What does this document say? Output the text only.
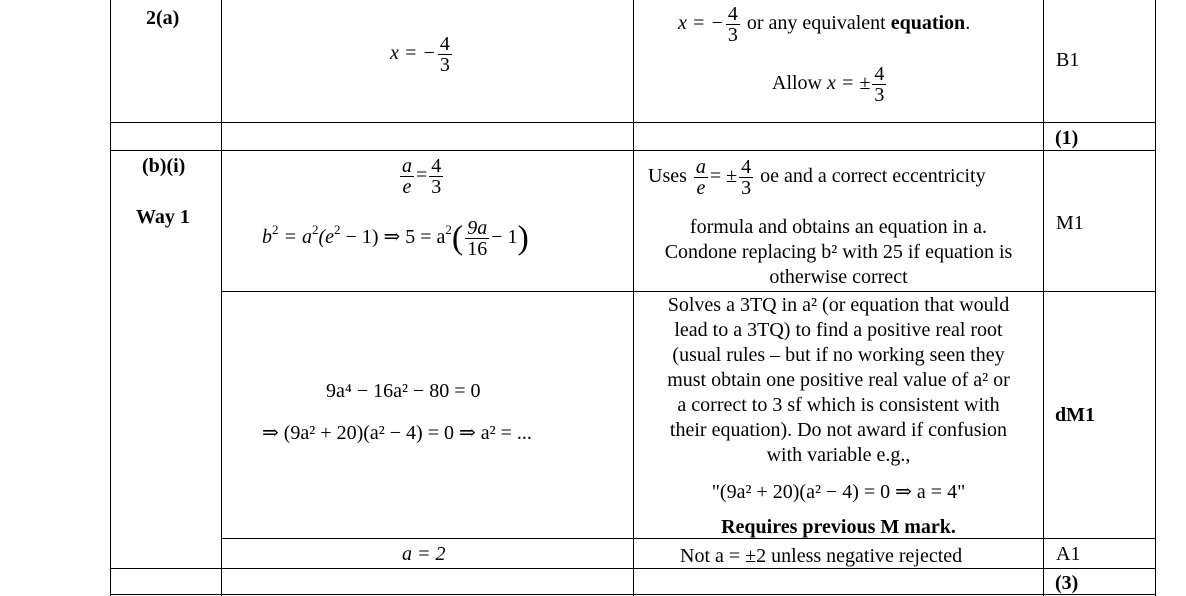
2(a)
x = − $\frac{4}{3}$
x = − $\frac{4}{3}$ or any equivalent equation.
Allow x = ± $\frac{4}{3}$
B1
(1)
(b)(i)
Way 1
$\frac{a}{e} = \frac{4}{3}$
$b^2 = a^2(e^2 - 1)$ ⇒ $5 = a^2( \frac{9a}{16} - 1)$
Uses $\frac{a}{e}$ = ± $\frac{4}{3}$ oe and a correct eccentricity
formula and obtains an equation in a.
Condone replacing b² with 25 if equation is
otherwise correct
M1
9a⁴ − 16a² − 80 = 0
⇒ (9a² + 20)(a² − 4) = 0 ⇒ a² = ...
Solves a 3TQ in a² (or equation that would
lead to a 3TQ) to find a positive real root
(usual rules – but if no working seen they
must obtain one positive real value of a² or
a correct to 3 sf which is consistent with
their equation). Do not award if confusion
with variable e.g.,
"(9a² + 20)(a² − 4) = 0 ⇒ a = 4"
Requires previous M mark.
dM1
a = 2	Not a = ±2 unless negative rejected	A1
(3)
